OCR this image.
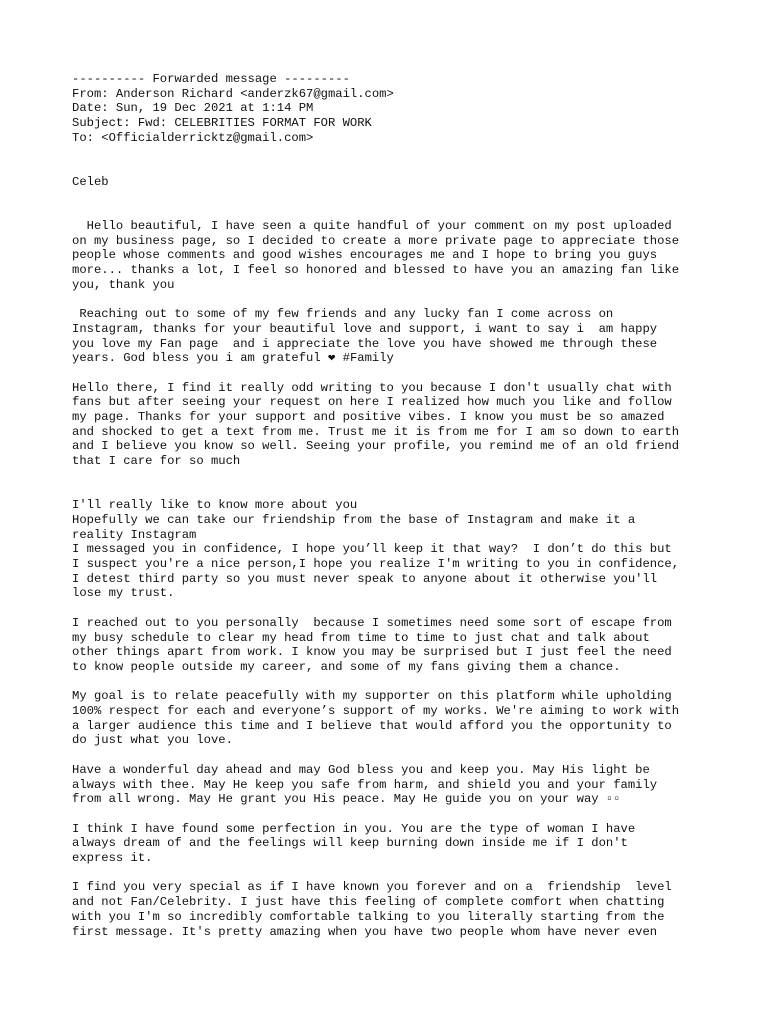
---------- Forwarded message ---------
From: Anderson Richard <anderzk67@gmail.com>
Date: Sun, 19 Dec 2021 at 1:14 PM
Subject: Fwd: CELEBRITIES FORMAT FOR WORK
To: <Officialderricktz@gmail.com>
Celeb
Hello beautiful, I have seen a quite handful of your comment on my post uploaded
on my business page, so I decided to create a more private page to appreciate those
people whose comments and good wishes encourages me and I hope to bring you guys
more... thanks a lot, I feel so honored and blessed to have you an amazing fan like
you, thank you
Reaching out to some of my few friends and any lucky fan I come across on
Instagram, thanks for your beautiful love and support, i want to say i  am happy
you love my Fan page  and i appreciate the love you have showed me through these
years. God bless you i am grateful ❤ #Family
Hello there, I find it really odd writing to you because I don't usually chat with
fans but after seeing your request on here I realized how much you like and follow
my page. Thanks for your support and positive vibes. I know you must be so amazed
and shocked to get a text from me. Trust me it is from me for I am so down to earth
and I believe you know so well. Seeing your profile, you remind me of an old friend
that I care for so much
I'll really like to know more about you
Hopefully we can take our friendship from the base of Instagram and make it a
reality Instagram
I messaged you in confidence, I hope you’ll keep it that way?  I don’t do this but
I suspect you're a nice person,I hope you realize I'm writing to you in confidence,
I detest third party so you must never speak to anyone about it otherwise you'll
lose my trust.
I reached out to you personally  because I sometimes need some sort of escape from
my busy schedule to clear my head from time to time to just chat and talk about
other things apart from work. I know you may be surprised but I just feel the need
to know people outside my career, and some of my fans giving them a chance.
My goal is to relate peacefully with my supporter on this platform while upholding
100% respect for each and everyone’s support of my works. We're aiming to work with
a larger audience this time and I believe that would afford you the opportunity to
do just what you love.
Have a wonderful day ahead and may God bless you and keep you. May His light be
always with thee. May He keep you safe from harm, and shield you and your family
from all wrong. May He grant you His peace. May He guide you on your way ▫▫
I think I have found some perfection in you. You are the type of woman I have
always dream of and the feelings will keep burning down inside me if I don't
express it.
I find you very special as if I have known you forever and on a  friendship  level
and not Fan/Celebrity. I just have this feeling of complete comfort when chatting
with you I'm so incredibly comfortable talking to you literally starting from the
first message. It's pretty amazing when you have two people whom have never even
